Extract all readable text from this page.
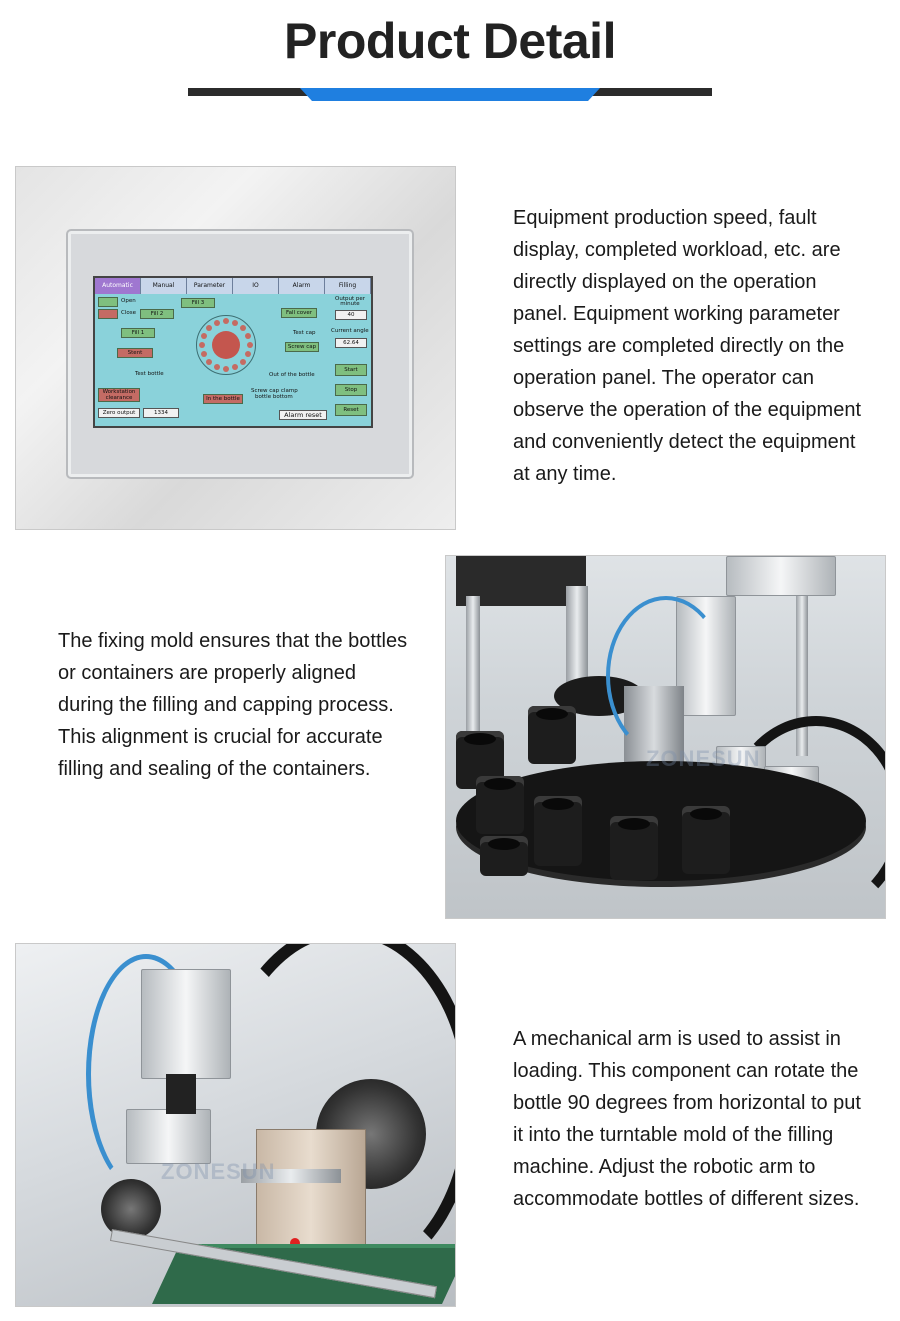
Product Detail
Automatic	Manual	Parameter	IO	Alarm	Filling
Open
Close
Fill 3
Fill 2
Fill 1
Stent
Test bottle
Fall cover
Test cap
Screw cap
Out of the bottle
Screw cap clamp
bottle bottom
In the bottle
Workstation clearance
Zero output	1334	Alarm reset
Output per minute
40
Current angle
62.64
Start
Stop
Reset
Equipment production speed, fault display, completed workload, etc. are directly displayed on the operation panel. Equipment working parameter settings are completed directly on the operation panel. The operator can observe the operation of the equipment and conveniently detect the equipment at any time.
The fixing mold ensures that the bottles or containers are properly aligned during the filling and capping process. This alignment is crucial for accurate filling and sealing of the containers.	ZONESUN
ZONESUN
A mechanical arm is used to assist in loading. This component can rotate the bottle 90 degrees from horizontal to put it into the turntable mold of the filling machine. Adjust the robotic arm to accommodate bottles of different sizes.
